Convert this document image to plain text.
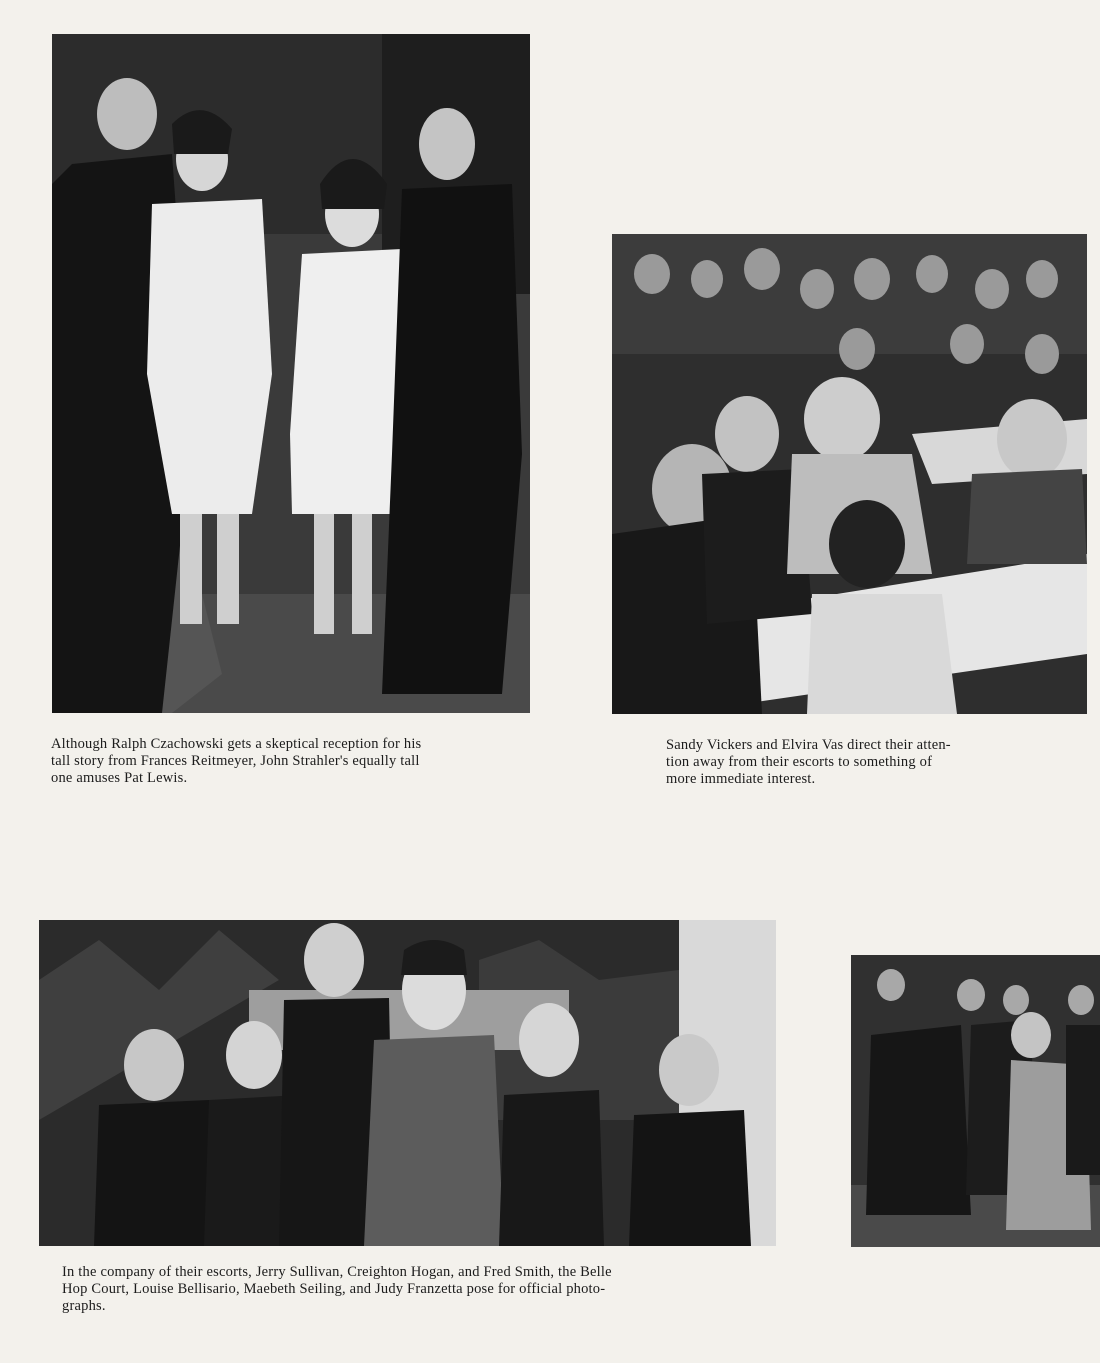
Although Ralph Czachowski gets a skeptical reception for his
tall story from Frances Reitmeyer, John Strahler's equally tall
one amuses Pat Lewis.
Sandy Vickers and Elvira Vas direct their atten-
tion away from their escorts to something of
more immediate interest.
In the company of their escorts, Jerry Sullivan, Creighton Hogan, and Fred Smith, the Belle
Hop Court, Louise Bellisario, Maebeth Seiling, and Judy Franzetta pose for official photo-
graphs.
